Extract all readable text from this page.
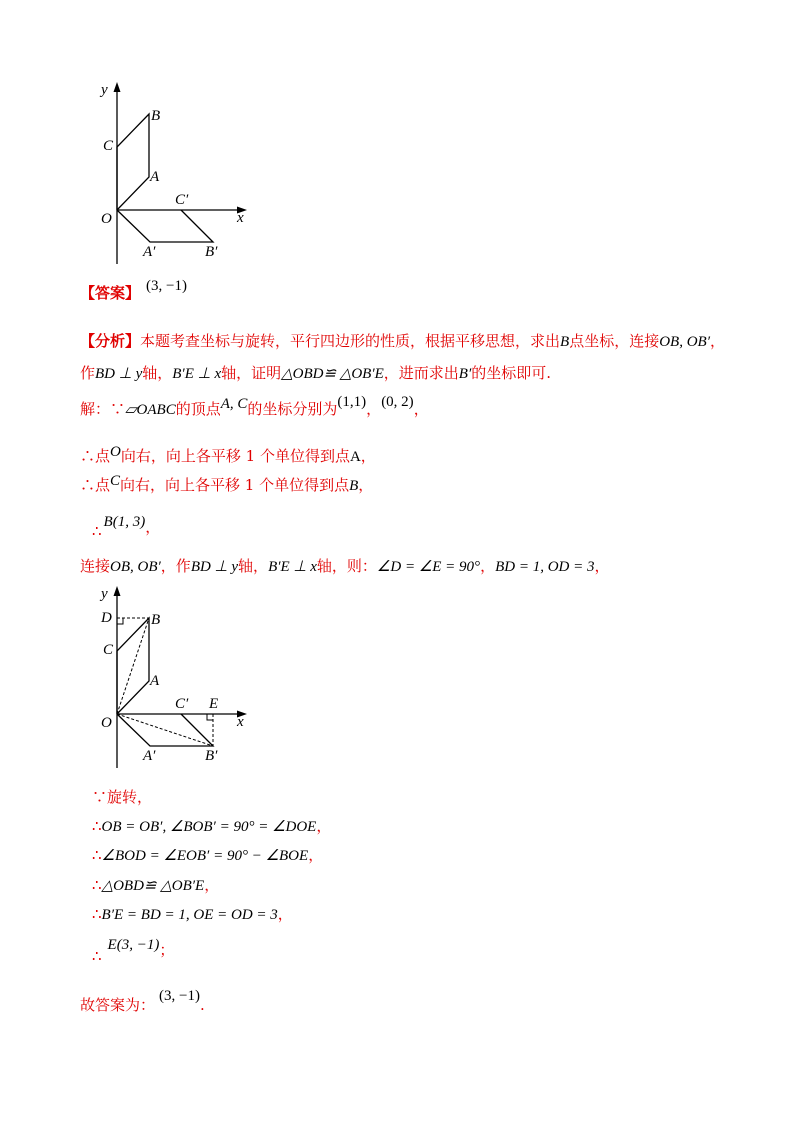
y
x
O
A
B
C
A′	B′
C′
【答案】 (3, −1)
【分析】本题考查坐标与旋转，平行四边形的性质，根据平移思想，求出B点坐标，连接OB, OB′，
作BD ⊥ y轴，B′E ⊥ x轴，证明△OBD≌ △OB′E，进而求出B′的坐标即可.
解：∵▱OABC的顶点A, C的坐标分别为(1,1)，(0, 2)，
∴点O向右，向上各平移 1 个单位得到点A，
∴点C向右，向上各平移 1 个单位得到点B，
∴ B(1, 3)，
连接OB, OB′，作BD ⊥ y轴，B′E ⊥ x轴，则：∠D = ∠E = 90°，BD = 1, OD = 3，
y
x
O
A
B
C
D
E
A′	B′
C′
∵旋转，
∴OB = OB′, ∠BOB′ = 90° = ∠DOE，
∴∠BOD = ∠EOB′ = 90° − ∠BOE，
∴△OBD≌ △OB′E，
∴B′E = BD = 1, OE = OD = 3，
∴E(3, −1)；
故答案为： (3, −1).
